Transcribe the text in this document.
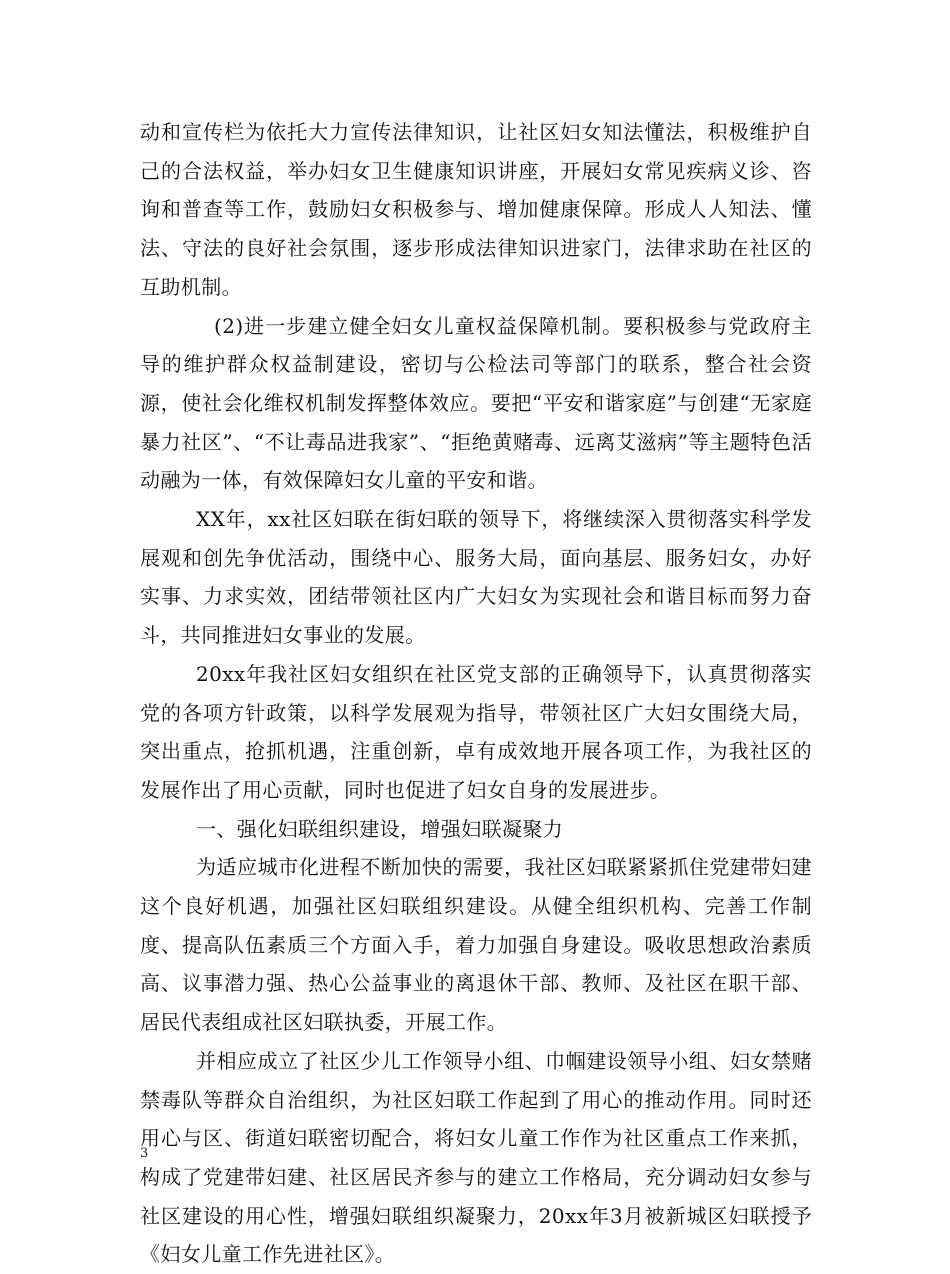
动和宣传栏为依托大力宣传法律知识，让社区妇女知法懂法，积极维护自己的合法权益，举办妇女卫生健康知识讲座，开展妇女常见疾病义诊、咨询和普查等工作，鼓励妇女积极参与、增加健康保障。形成人人知法、懂法、守法的良好社会氛围，逐步形成法律知识进家门，法律求助在社区的互助机制。

(2)进一步建立健全妇女儿童权益保障机制。要积极参与党政府主导的维护群众权益制建设，密切与公检法司等部门的联系，整合社会资源，使社会化维权机制发挥整体效应。要把“平安和谐家庭”与创建“无家庭暴力社区”、“不让毒品进我家”、“拒绝黄赌毒、远离艾滋病”等主题特色活动融为一体，有效保障妇女儿童的平安和谐。

XX年，xx社区妇联在街妇联的领导下，将继续深入贯彻落实科学发展观和创先争优活动，围绕中心、服务大局，面向基层、服务妇女，办好实事、力求实效，团结带领社区内广大妇女为实现社会和谐目标而努力奋斗，共同推进妇女事业的发展。

20xx年我社区妇女组织在社区党支部的正确领导下，认真贯彻落实党的各项方针政策，以科学发展观为指导，带领社区广大妇女围绕大局，突出重点，抢抓机遇，注重创新，卓有成效地开展各项工作，为我社区的发展作出了用心贡献，同时也促进了妇女自身的发展进步。

一、强化妇联组织建设，增强妇联凝聚力

为适应城市化进程不断加快的需要，我社区妇联紧紧抓住党建带妇建这个良好机遇，加强社区妇联组织建设。从健全组织机构、完善工作制度、提高队伍素质三个方面入手，着力加强自身建设。吸收思想政治素质高、议事潜力强、热心公益事业的离退休干部、教师、及社区在职干部、居民代表组成社区妇联执委，开展工作。

并相应成立了社区少儿工作领导小组、巾帼建设领导小组、妇女禁赌禁毒队等群众自治组织，为社区妇联工作起到了用心的推动作用。同时还用心与区、街道妇联密切配合，将妇女儿童工作作为社区重点工作来抓，构成了党建带妇建、社区居民齐参与的建立工作格局，充分调动妇女参与社区建设的用心性，增强妇联组织凝聚力，20xx年3月被新城区妇联授予《妇女儿童工作先进社区》。

3
